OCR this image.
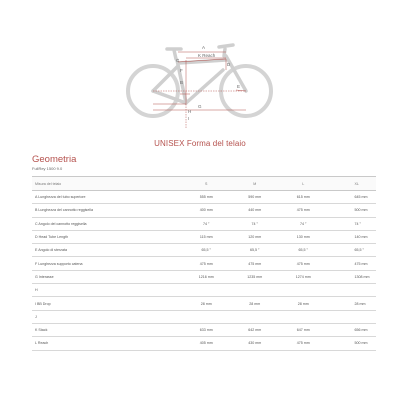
A
K Reach
F
C
B
D
E
H
I
G
UNISEX Forma del telaio
Geometria
FullRey 1500 9.0
Misura del telaio	S	M	L	XL
A Lunghezza del tubo superiore	555 mm	590 mm	615 mm	645 mm
B Lunghezza del cannotto reggisella	400 mm	440 mm	475 mm	500 mm
C Angolo del cannotto reggisella	74 °	74 °	74 °	74 °
D Head Tube Length	115 mm	120 mm	130 mm	140 mm
E Angolo di sterzata	65,5 °	65,5 °	65,5 °	65,5 °
F Lunghezza supporto catena	475 mm	475 mm	475 mm	475 mm
G Interasse	1216 mm	1235 mm	1274 mm	1308 mm
H				
I BB Drop	28 mm	28 mm	28 mm	28 mm
J				
K Stack	633 mm	642 mm	647 mm	656 mm
L Reach	405 mm	430 mm	475 mm	500 mm
